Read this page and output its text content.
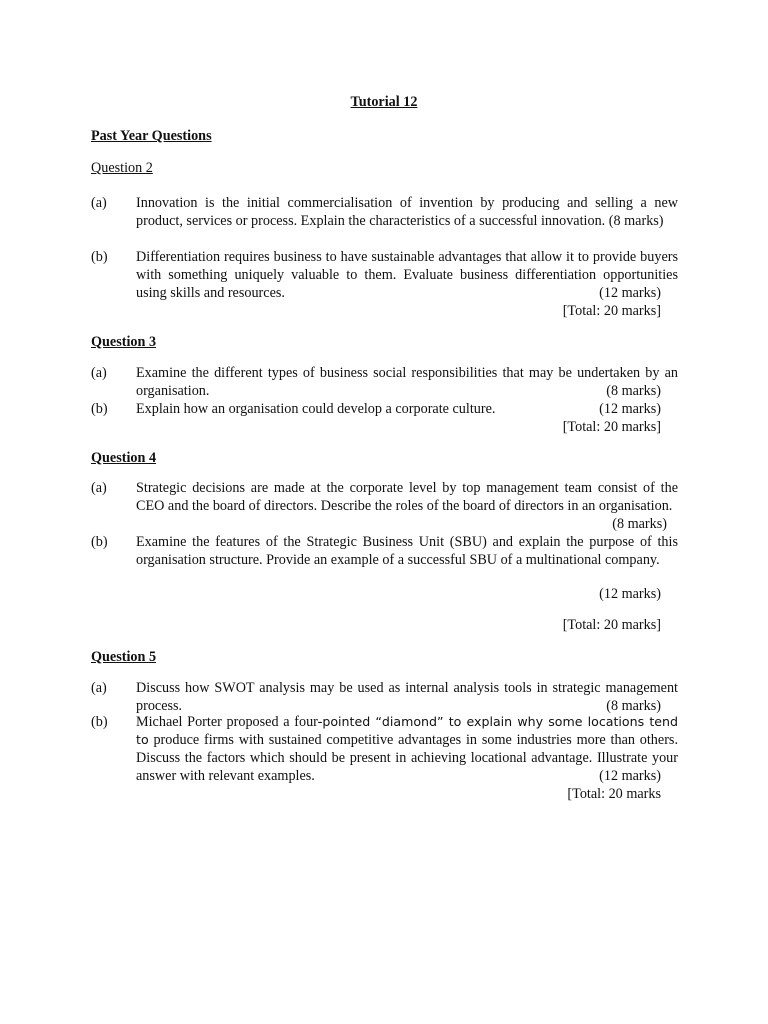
Tutorial 12
Past Year Questions
Question 2
(a)	Innovation is the initial commercialisation of invention by producing and selling a new product, services or process. Explain the characteristics of a successful innovation. (8 marks)
(b)	Differentiation requires business to have sustainable advantages that allow it to provide buyers with something uniquely valuable to them. Evaluate business differentiation opportunities using skills and resources.	(12 marks)
[Total: 20 marks]
Question 3
(a)	Examine the different types of business social responsibilities that may be undertaken by an organisation.	(8 marks)
(b)	Explain how an organisation could develop a corporate culture.	(12 marks)
[Total: 20 marks]
Question 4
(a)	Strategic decisions are made at the corporate level by top management team consist of the CEO and the board of directors. Describe the roles of the board of directors in an organisation.
(8 marks)
(b)	Examine the features of the Strategic Business Unit (SBU) and explain the purpose of this organisation structure. Provide an example of a successful SBU of a multinational company.
(12 marks)
[Total: 20 marks]
Question 5
(a)	Discuss how SWOT analysis may be used as internal analysis tools in strategic management process.	(8 marks)
(b)	Michael Porter proposed a four-pointed “diamond” to explain why some locations tend to produce firms with sustained competitive advantages in some industries more than others. Discuss the factors which should be present in achieving locational advantage. Illustrate your answer with relevant examples.	(12 marks)
[Total: 20 marks
